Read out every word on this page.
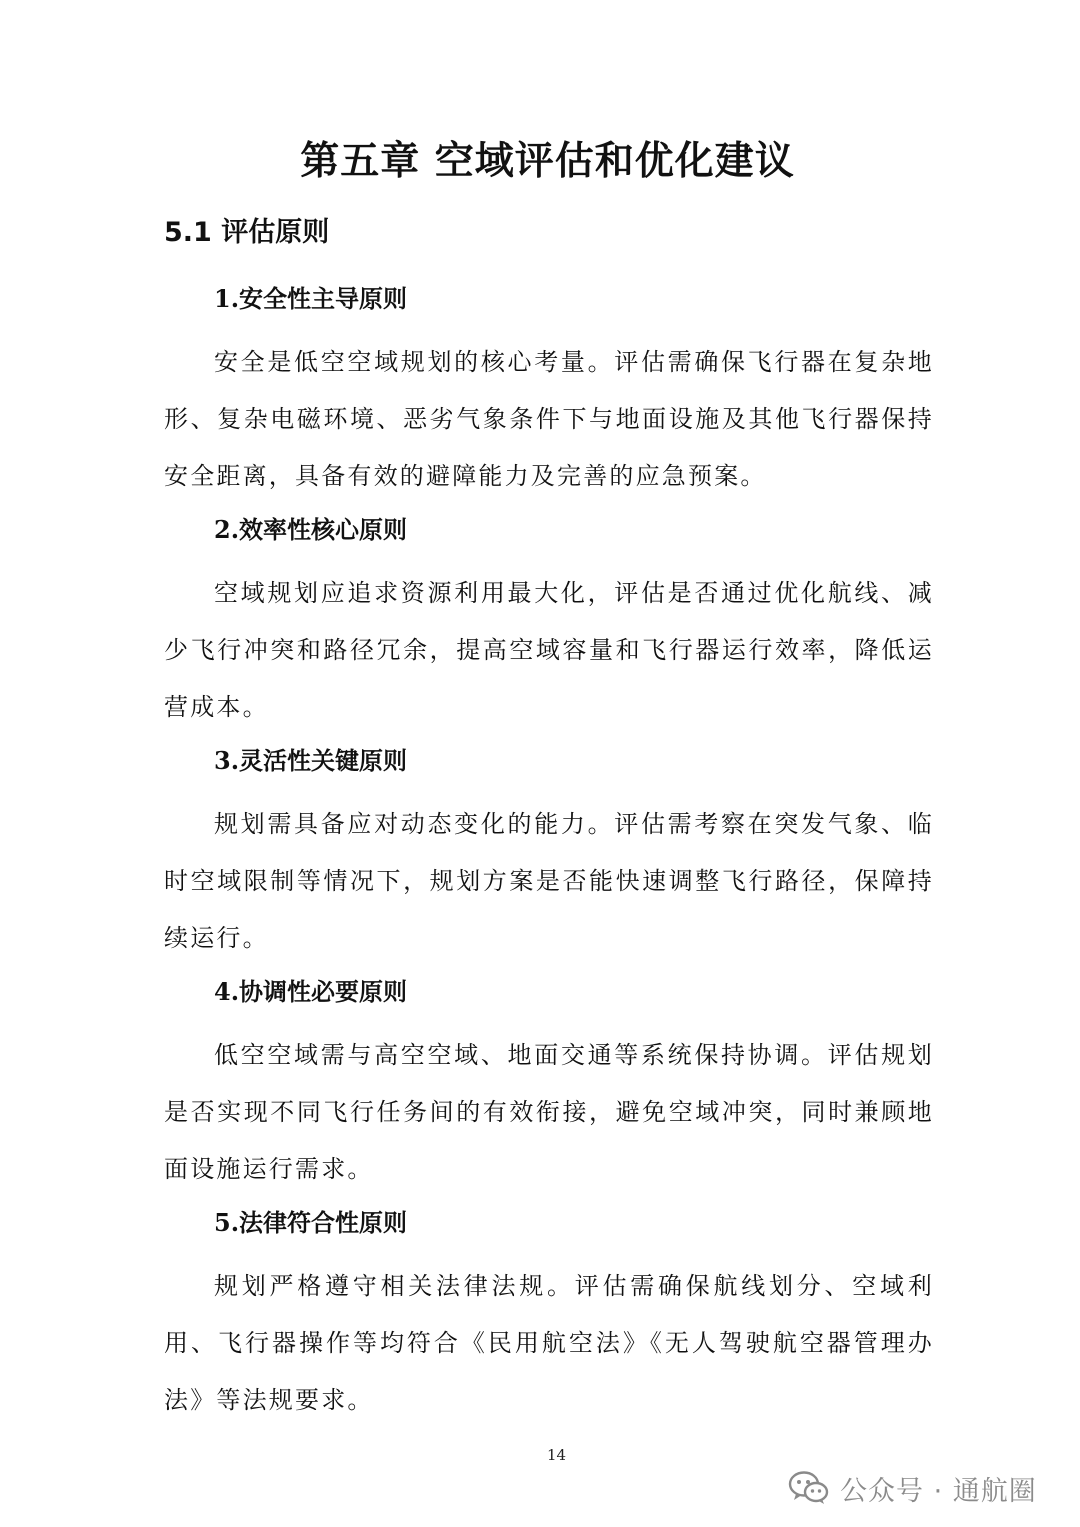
第五章 空域评估和优化建议
5.1 评估原则

1.安全性主导原则

安全是低空空域规划的核心考量。评估需确保飞行器在复杂地形、复杂电磁环境、恶劣气象条件下与地面设施及其他飞行器保持安全距离，具备有效的避障能力及完善的应急预案。

2.效率性核心原则

空域规划应追求资源利用最大化，评估是否通过优化航线、减少飞行冲突和路径冗余，提高空域容量和飞行器运行效率，降低运营成本。

3.灵活性关键原则

规划需具备应对动态变化的能力。评估需考察在突发气象、临时空域限制等情况下，规划方案是否能快速调整飞行路径，保障持续运行。

4.协调性必要原则

低空空域需与高空空域、地面交通等系统保持协调。评估规划是否实现不同飞行任务间的有效衔接，避免空域冲突，同时兼顾地面设施运行需求。

5.法律符合性原则

规划严格遵守相关法律法规。评估需确保航线划分、空域利用、飞行器操作等均符合《民用航空法》《无人驾驶航空器管理办法》等法规要求。

14
公众号 · 通航圈
